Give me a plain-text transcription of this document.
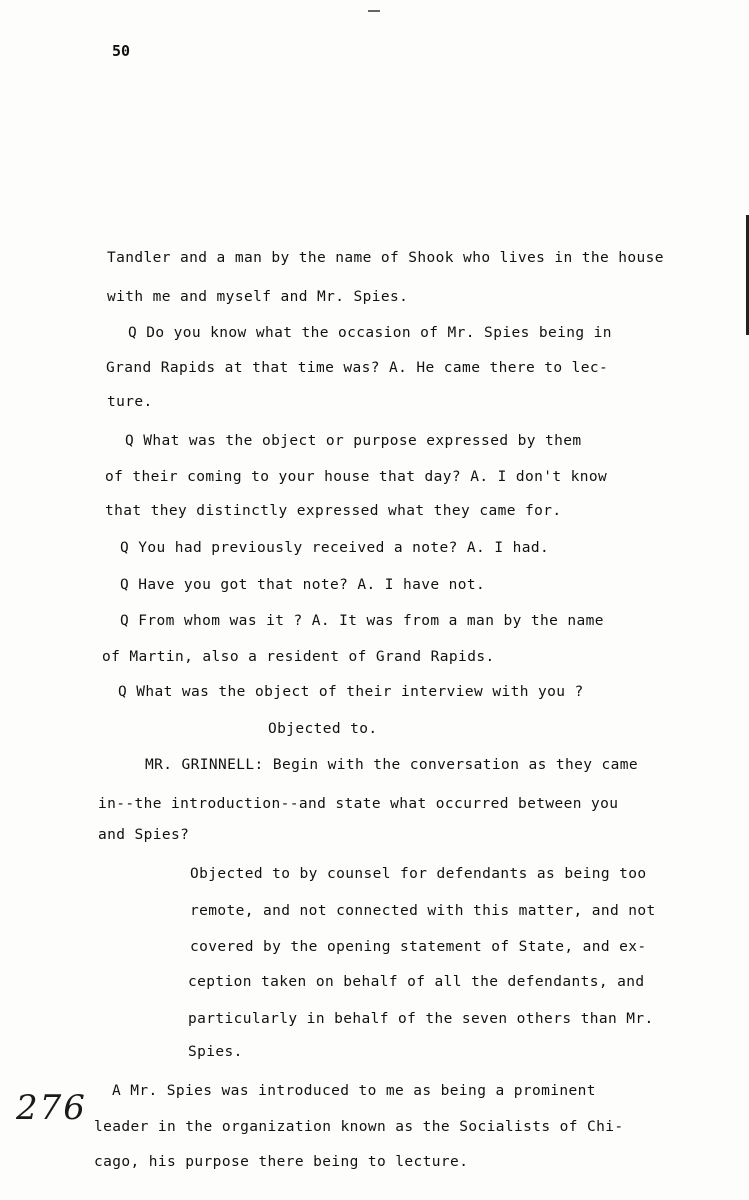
50
Tandler and a man by the name of Shook who lives in the house
with me and myself and Mr. Spies.
Q Do you know what the occasion of Mr. Spies being in
Grand Rapids at that time was? A. He came there to lec-
ture.
Q What was the object or purpose expressed by them
of their coming to your house that day? A. I don't know
that they distinctly expressed what they came for.
Q You had previously received a note? A. I had.
Q Have you got that note? A. I have not.
Q From whom was it ? A. It was from a man by the name
of Martin, also a resident of Grand Rapids.
Q What was the object of their interview with you ?
Objected to.
MR. GRINNELL: Begin with the conversation as they came
in--the introduction--and state what occurred between you
and Spies?
Objected to by counsel for defendants as being too
remote, and not connected with this matter, and not
covered by the opening statement of State, and ex-
ception taken on behalf of all the defendants, and
particularly in behalf of the seven others than Mr.
Spies.
A Mr. Spies was introduced to me as being a prominent
leader in the organization known as the Socialists of Chi-
cago, his purpose there being to lecture.
276
